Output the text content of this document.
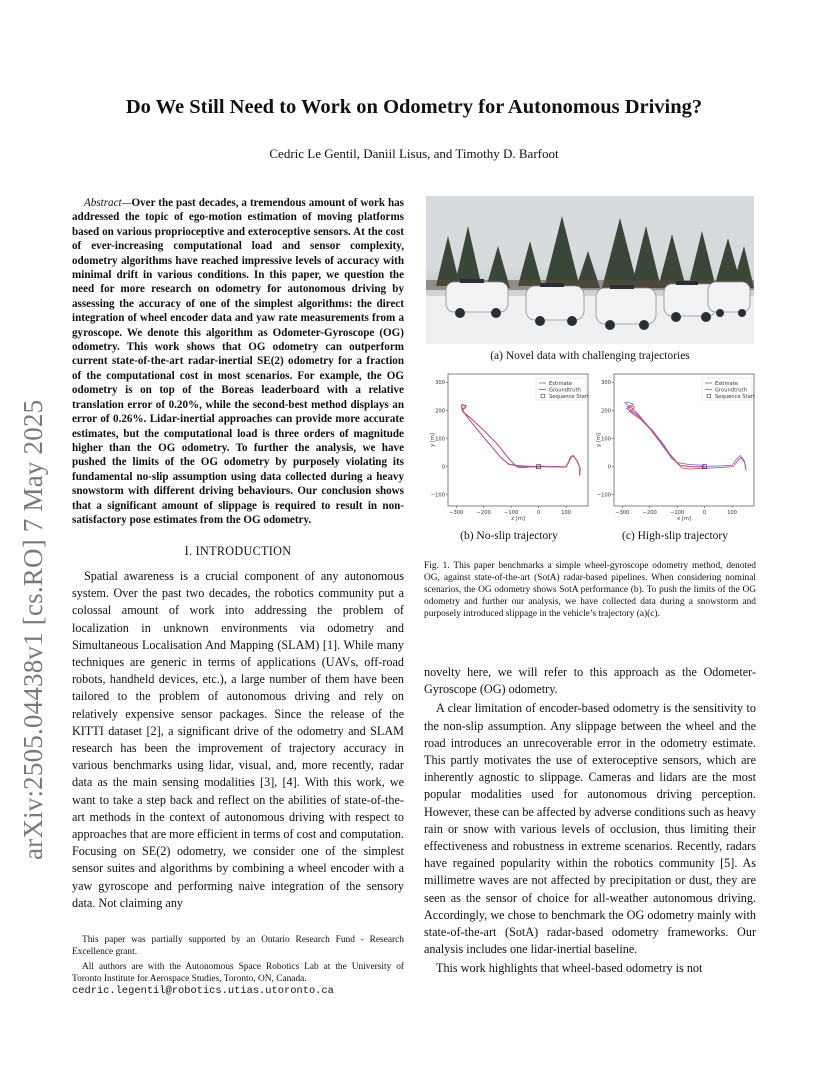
arXiv:2505.04438v1 [cs.RO] 7 May 2025
Do We Still Need to Work on Odometry for Autonomous Driving?
Cedric Le Gentil, Daniil Lisus, and Timothy D. Barfoot

Abstract—Over the past decades, a tremendous amount of work has addressed the topic of ego-motion estimation of moving platforms based on various proprioceptive and exteroceptive sensors. At the cost of ever-increasing computational load and sensor complexity, odometry algorithms have reached impressive levels of accuracy with minimal drift in various conditions. In this paper, we question the need for more research on odometry for autonomous driving by assessing the accuracy of one of the simplest algorithms: the direct integration of wheel encoder data and yaw rate measurements from a gyroscope. We denote this algorithm as Odometer-Gyroscope (OG) odometry. This work shows that OG odometry can outperform current state-of-the-art radar-inertial SE(2) odometry for a fraction of the computational cost in most scenarios. For example, the OG odometry is on top of the Boreas leaderboard with a relative translation error of 0.20%, while the second-best method displays an error of 0.26%. Lidar-inertial approaches can provide more accurate estimates, but the computational load is three orders of magnitude higher than the OG odometry. To further the analysis, we have pushed the limits of the OG odometry by purposely violating its fundamental no-slip assumption using data collected during a heavy snowstorm with different driving behaviours. Our conclusion shows that a significant amount of slippage is required to result in non-satisfactory pose estimates from the OG odometry.

I. INTRODUCTION

Spatial awareness is a crucial component of any autonomous system. Over the past two decades, the robotics community put a colossal amount of work into addressing the problem of localization in unknown environments via odometry and Simultaneous Localisation And Mapping (SLAM) [1]. While many techniques are generic in terms of applications (UAVs, off-road robots, handheld devices, etc.), a large number of them have been tailored to the problem of autonomous driving and rely on relatively expensive sensor packages. Since the release of the KITTI dataset [2], a significant drive of the odometry and SLAM research has been the improvement of trajectory accuracy in various benchmarks using lidar, visual, and, more recently, radar data as the main sensing modalities [3], [4]. With this work, we want to take a step back and reflect on the abilities of state-of-the-art methods in the context of autonomous driving with respect to approaches that are more efficient in terms of cost and computation. Focusing on SE(2) odometry, we consider one of the simplest sensor suites and algorithms by combining a wheel encoder with a yaw gyroscope and performing naive integration of the sensory data. Not claiming any

This paper was partially supported by an Ontario Research Fund - Research Excellence grant.

All authors are with the Autonomous Space Robotics Lab at the University of Toronto Institute for Aerospace Studies, Toronto, ON, Canada.
cedric.legentil@robotics.utias.utoronto.ca

(a) Novel data with challenging trajectories
−300	−200	−100	0	100
300
200
100
0
−100
x [m]
y [m]
Estimate
Groundtruth
Sequence Start
−300	−200	−100	0	100
300
200
100
0
−100
x [m]
y [m]
Estimate
Groundtruth
Sequence Start
(b) No-slip trajectory	(c) High-slip trajectory
Fig. 1. This paper benchmarks a simple wheel-gyroscope odometry method, denoted OG, against state-of-the-art (SotA) radar-based pipelines. When considering nominal scenarios, the OG odometry shows SotA performance (b). To push the limits of the OG odometry and further our analysis, we have collected data during a snowstorm and purposely introduced slippage in the vehicle’s trajectory (a)(c).

novelty here, we will refer to this approach as the Odometer-Gyroscope (OG) odometry.

A clear limitation of encoder-based odometry is the sensitivity to the non-slip assumption. Any slippage between the wheel and the road introduces an unrecoverable error in the odometry estimate. This partly motivates the use of exteroceptive sensors, which are inherently agnostic to slippage. Cameras and lidars are the most popular modalities used for autonomous driving perception. However, these can be affected by adverse conditions such as heavy rain or snow with various levels of occlusion, thus limiting their effectiveness and robustness in extreme scenarios. Recently, radars have regained popularity within the robotics community [5]. As millimetre waves are not affected by precipitation or dust, they are seen as the sensor of choice for all-weather autonomous driving. Accordingly, we chose to benchmark the OG odometry mainly with state-of-the-art (SotA) radar-based odometry frameworks. Our analysis includes one lidar-inertial baseline.

This work highlights that wheel-based odometry is not
